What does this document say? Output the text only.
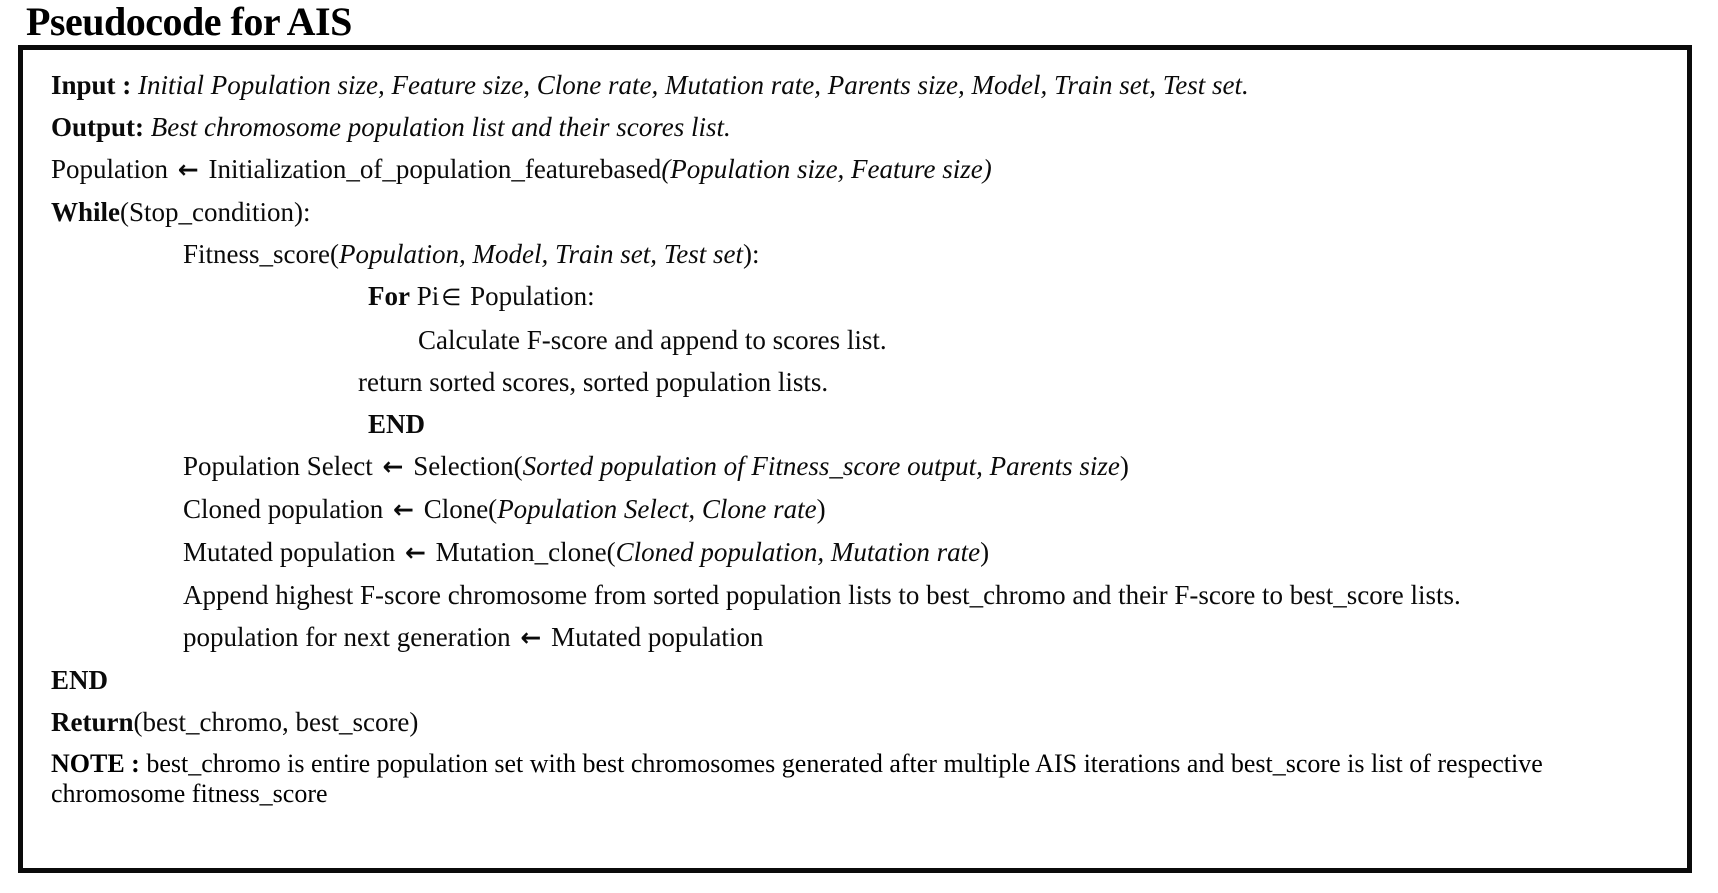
Pseudocode for AIS
Input : Initial Population size, Feature size, Clone rate, Mutation rate, Parents size, Model, Train set, Test set.
Output: Best chromosome population list and their scores list.
Population ← Initialization_of_population_featurebased(Population size, Feature size)
While(Stop_condition):
Fitness_score(Population, Model, Train set, Test set):
For Pi∈ Population:
Calculate F-score and append to scores list.
return sorted scores, sorted population lists.
END
Population Select ← Selection(Sorted population of Fitness_score output, Parents size)
Cloned population ← Clone(Population Select, Clone rate)
Mutated population ← Mutation_clone(Cloned population, Mutation rate)
Append highest F-score chromosome from sorted population lists to best_chromo and their F-score to best_score lists.
population for next generation ← Mutated population
END
Return(best_chromo, best_score)
NOTE : best_chromo is entire population set with best chromosomes generated after multiple AIS iterations and best_score is list of respective chromosome fitness_score
